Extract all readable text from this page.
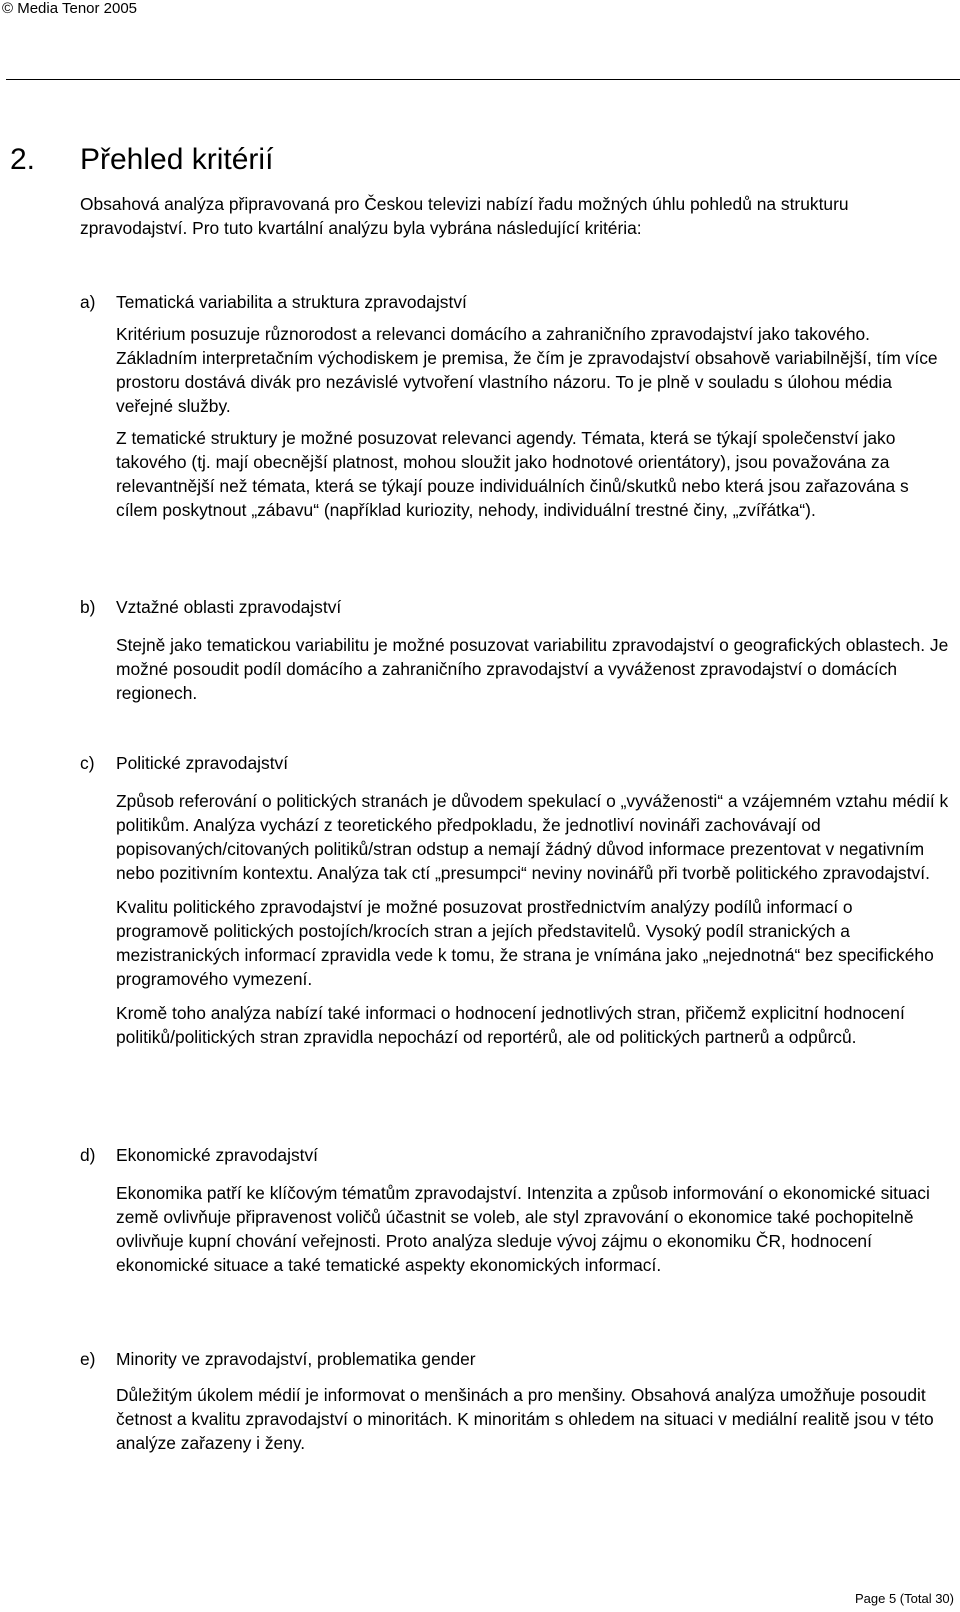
© Media Tenor 2005
2. Přehled kritérií

Obsahová analýza připravovaná pro Českou televizi nabízí řadu možných úhlu pohledů na strukturu zpravodajství. Pro tuto kvartální analýzu byla vybrána následující kritéria:

a) Tematická variabilita a struktura zpravodajství

Kritérium posuzuje různorodost a relevanci domácího a zahraničního zpravodajství jako takového. Základním interpretačním východiskem je premisa, že čím je zpravodajství obsahově variabilnější, tím více prostoru dostává divák pro nezávislé vytvoření vlastního názoru. To je plně v souladu s úlohou média veřejné služby.

Z tematické struktury je možné posuzovat relevanci agendy. Témata, která se týkají společenství jako takového (tj. mají obecnější platnost, mohou sloužit jako hodnotové orientátory), jsou považována za relevantnější než témata, která se týkají pouze individuálních činů/skutků nebo která jsou zařazována s cílem poskytnout „zábavu“ (například kuriozity, nehody, individuální trestné činy, „zvířátka“).

b) Vztažné oblasti zpravodajství

Stejně jako tematickou variabilitu je možné posuzovat variabilitu zpravodajství o geografických oblastech. Je možné posoudit podíl domácího a zahraničního zpravodajství a vyváženost zpravodajství o domácích regionech.

c) Politické zpravodajství

Způsob referování o politických stranách je důvodem spekulací o „vyváženosti“ a vzájemném vztahu médií k politikům. Analýza vychází z teoretického předpokladu, že jednotliví novináři zachovávají od popisovaných/citovaných politiků/stran odstup a nemají žádný důvod informace prezentovat v negativním nebo pozitivním kontextu. Analýza tak ctí „presumpci“ neviny novinářů při tvorbě politického zpravodajství.

Kvalitu politického zpravodajství je možné posuzovat prostřednictvím analýzy podílů informací o programově politických postojích/krocích stran a jejích představitelů. Vysoký podíl stranických a mezistranických informací zpravidla vede k tomu, že strana je vnímána jako „nejednotná“ bez specifického programového vymezení.

Kromě toho analýza nabízí také informaci o hodnocení jednotlivých stran, přičemž explicitní hodnocení politiků/politických stran zpravidla nepochází od reportérů, ale od politických partnerů a odpůrců.

d) Ekonomické zpravodajství

Ekonomika patří ke klíčovým tématům zpravodajství. Intenzita a způsob informování o ekonomické situaci země ovlivňuje připravenost voličů účastnit se voleb, ale styl zpravování o ekonomice také pochopitelně ovlivňuje kupní chování veřejnosti. Proto analýza sleduje vývoj zájmu o ekonomiku ČR, hodnocení ekonomické situace a také tematické aspekty ekonomických informací.

e) Minority ve zpravodajství, problematika gender

Důležitým úkolem médií je informovat o menšinách a pro menšiny. Obsahová analýza umožňuje posoudit četnost a kvalitu zpravodajství o minoritách. K minoritám s ohledem na situaci v mediální realitě jsou v této analýze zařazeny i ženy.

Page 5 (Total 30)
